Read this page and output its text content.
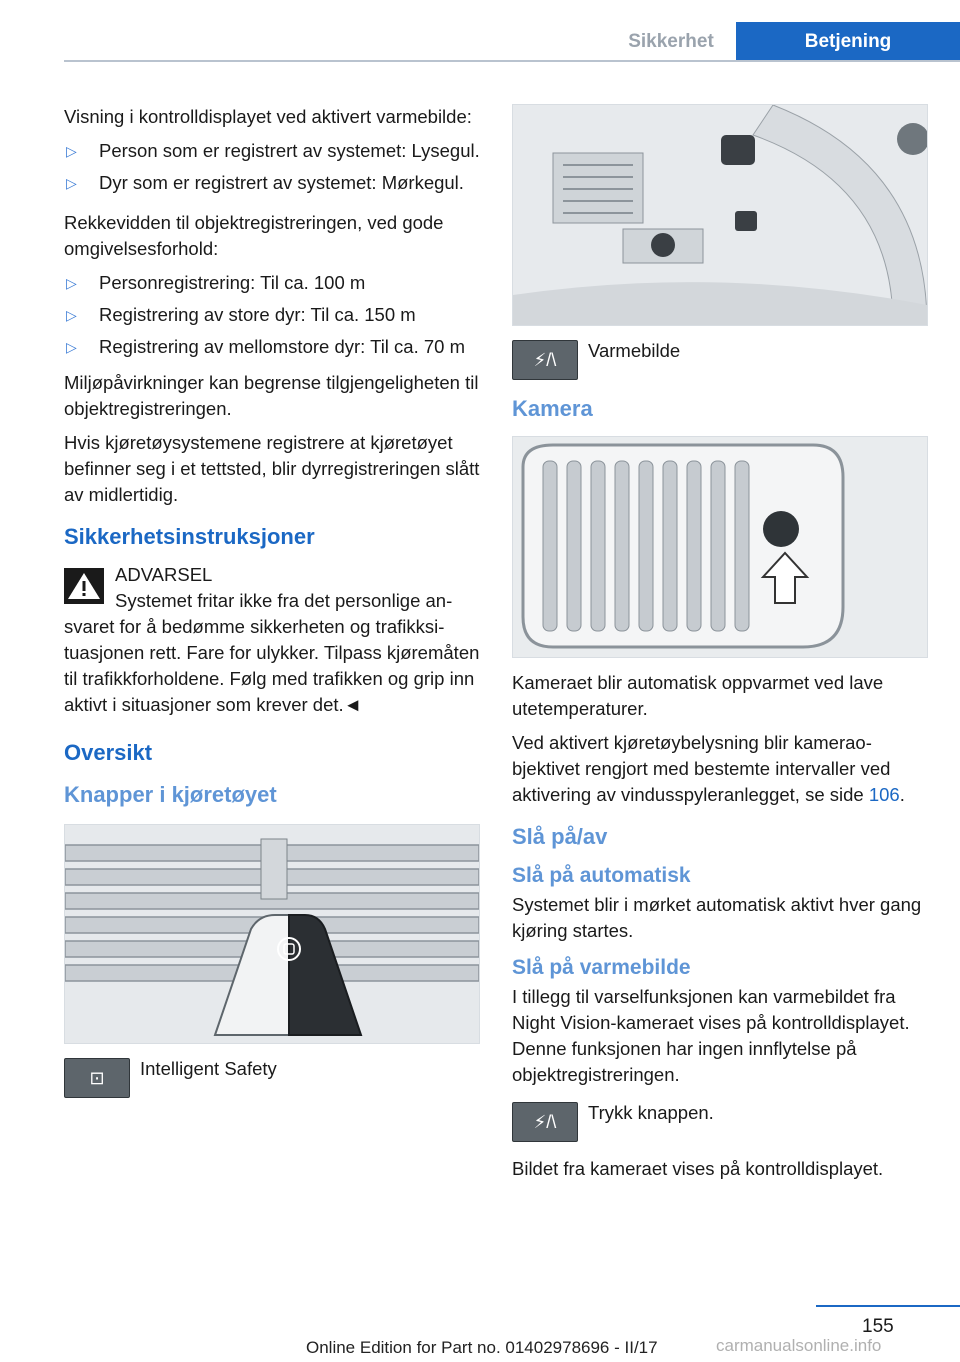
Sikkerhet	Betjening

Visning i kontrolldisplayet ved aktivert varmebilde:

▷ Person som er registrert av systemet: Lysegul.
▷ Dyr som er registrert av systemet: Mørkegul.

Rekkevidden til objektregistreringen, ved gode omgivelsesforhold:

▷ Personregistrering: Til ca. 100 m
▷ Registrering av store dyr: Til ca. 150 m
▷ Registrering av mellomstore dyr: Til ca. 70 m

Miljøpåvirkninger kan begrense tilgjengeligheten til objektregistreringen.

Hvis kjøretøysystemene registrere at kjøretøyet befinner seg i et tettsted, blir dyrregistreringen slått av midlertidig.

Sikkerhetsinstruksjoner
ADVARSEL

Systemet fritar ikke fra det personlige ansvaret for å bedømme sikkerheten og trafikksituasjonen rett. Fare for ulykker. Tilpass kjøremåten til trafikkforholdene. Følg med trafikken og grip inn aktivt i situasjoner som krever det.◄

Oversikt
Knapper i kjøretøyet
⊡	Intelligent Safety
⚡/\	Varmebilde
Kamera

Kameraet blir automatisk oppvarmet ved lave utetemperaturer.

Ved aktivert kjøretøybelysning blir kameraobjektivet rengjort med bestemte intervaller ved aktivering av vindusspyleranlegget, se side 106.

Slå på/av
Slå på automatisk

Systemet blir i mørket automatisk aktivt hver gang kjøring startes.

Slå på varmebilde

I tillegg til varselfunksjonen kan varmebildet fra Night Vision-kameraet vises på kontrolldisplayet. Denne funksjonen har ingen innflytelse på objektregistreringen.

⚡/\	Trykk knappen.

Bildet fra kameraet vises på kontrolldisplayet.

155
Online Edition for Part no. 01402978696 - II/17	carmanualsonline.info
